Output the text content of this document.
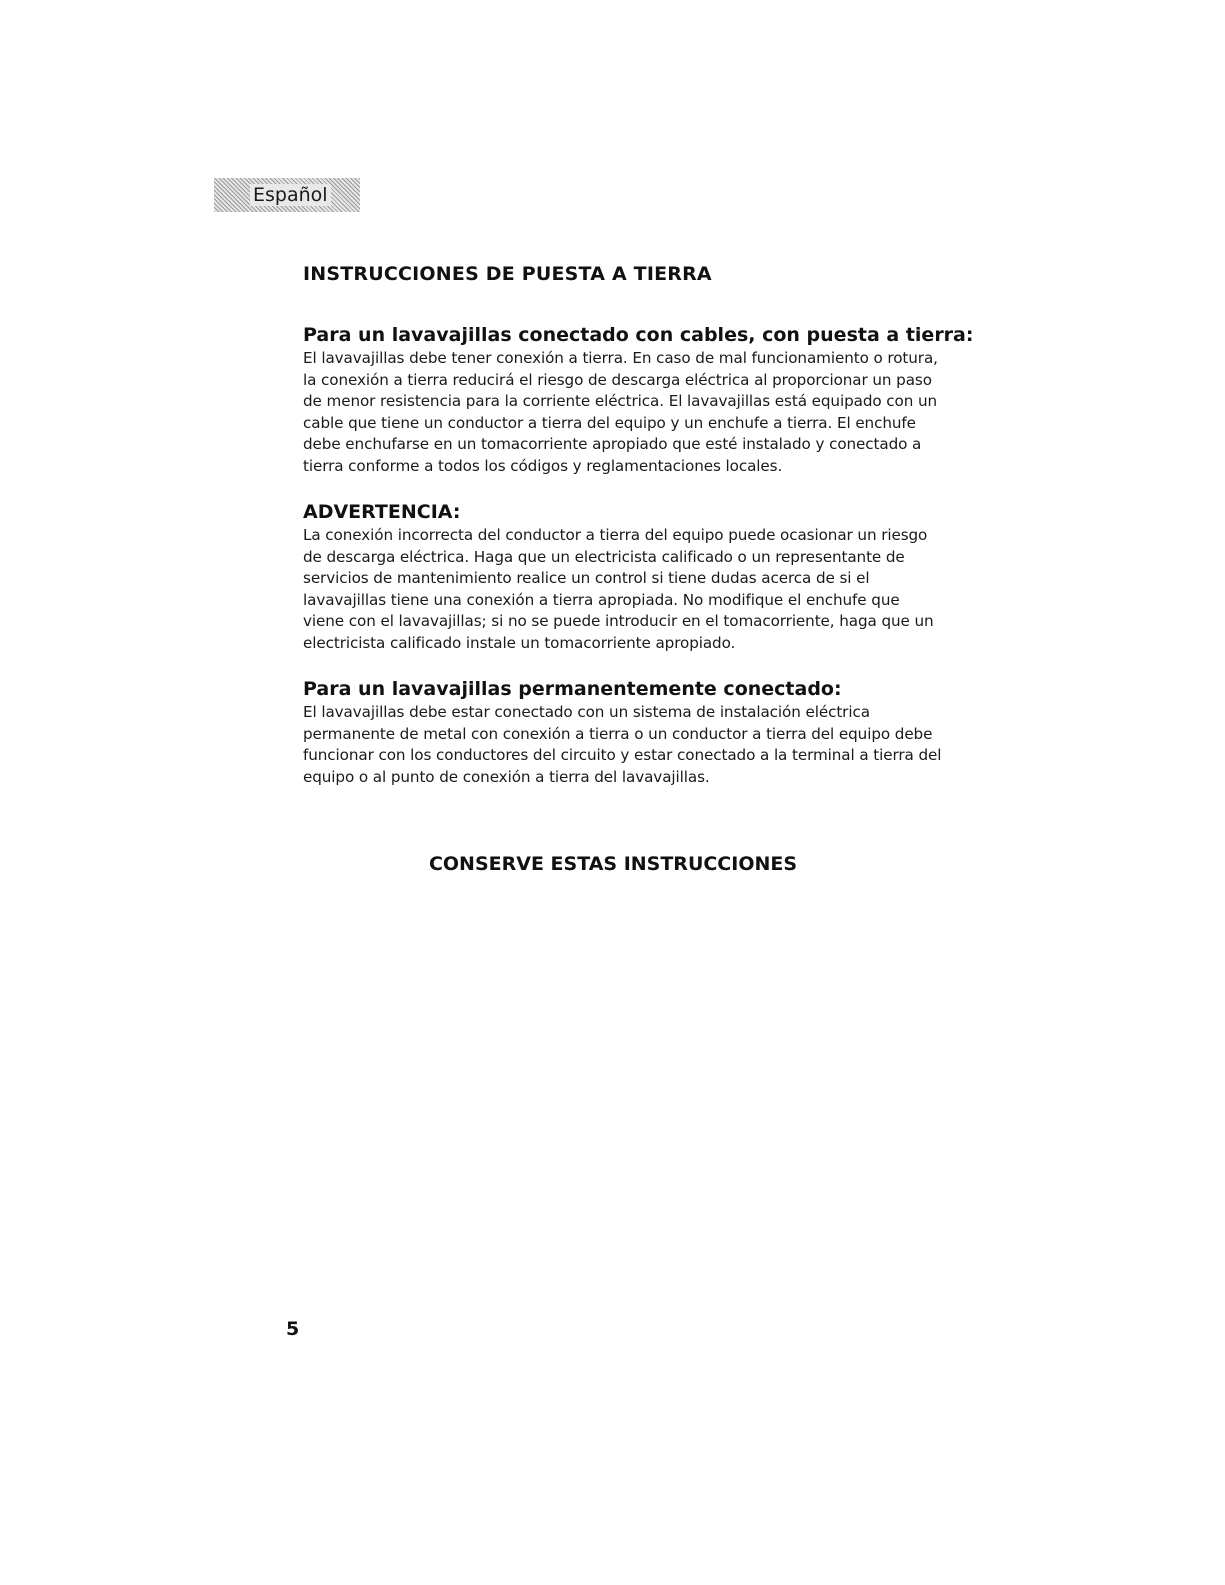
Español
INSTRUCCIONES DE PUESTA A TIERRA
Para un lavavajillas conectado con cables, con puesta a tierra:

El lavavajillas debe tener conexión a tierra. En caso de mal funcionamiento o rotura, la conexión a tierra reducirá el riesgo de descarga eléctrica al proporcionar un paso de menor resistencia para la corriente eléctrica. El lavavajillas está equipado con un cable que tiene un conductor a tierra del equipo y un enchufe a tierra. El enchufe debe enchufarse en un tomacorriente apropiado que esté instalado y conectado a tierra conforme a todos los códigos y reglamentaciones locales.

ADVERTENCIA:

La conexión incorrecta del conductor a tierra del equipo puede ocasionar un riesgo de descarga eléctrica. Haga que un electricista calificado o un representante de servicios de mantenimiento realice un control si tiene dudas acerca de si el lavavajillas tiene una conexión a tierra apropiada. No modifique el enchufe que viene con el lavavajillas; si no se puede introducir en el tomacorriente, haga que un electricista calificado instale un tomacorriente apropiado.

Para un lavavajillas permanentemente conectado:

El lavavajillas debe estar conectado con un sistema de instalación eléctrica permanente de metal con conexión a tierra o un conductor a tierra del equipo debe funcionar con los conductores del circuito y estar conectado a la terminal a tierra del equipo o al punto de conexión a tierra del lavavajillas.

CONSERVE ESTAS INSTRUCCIONES
5
